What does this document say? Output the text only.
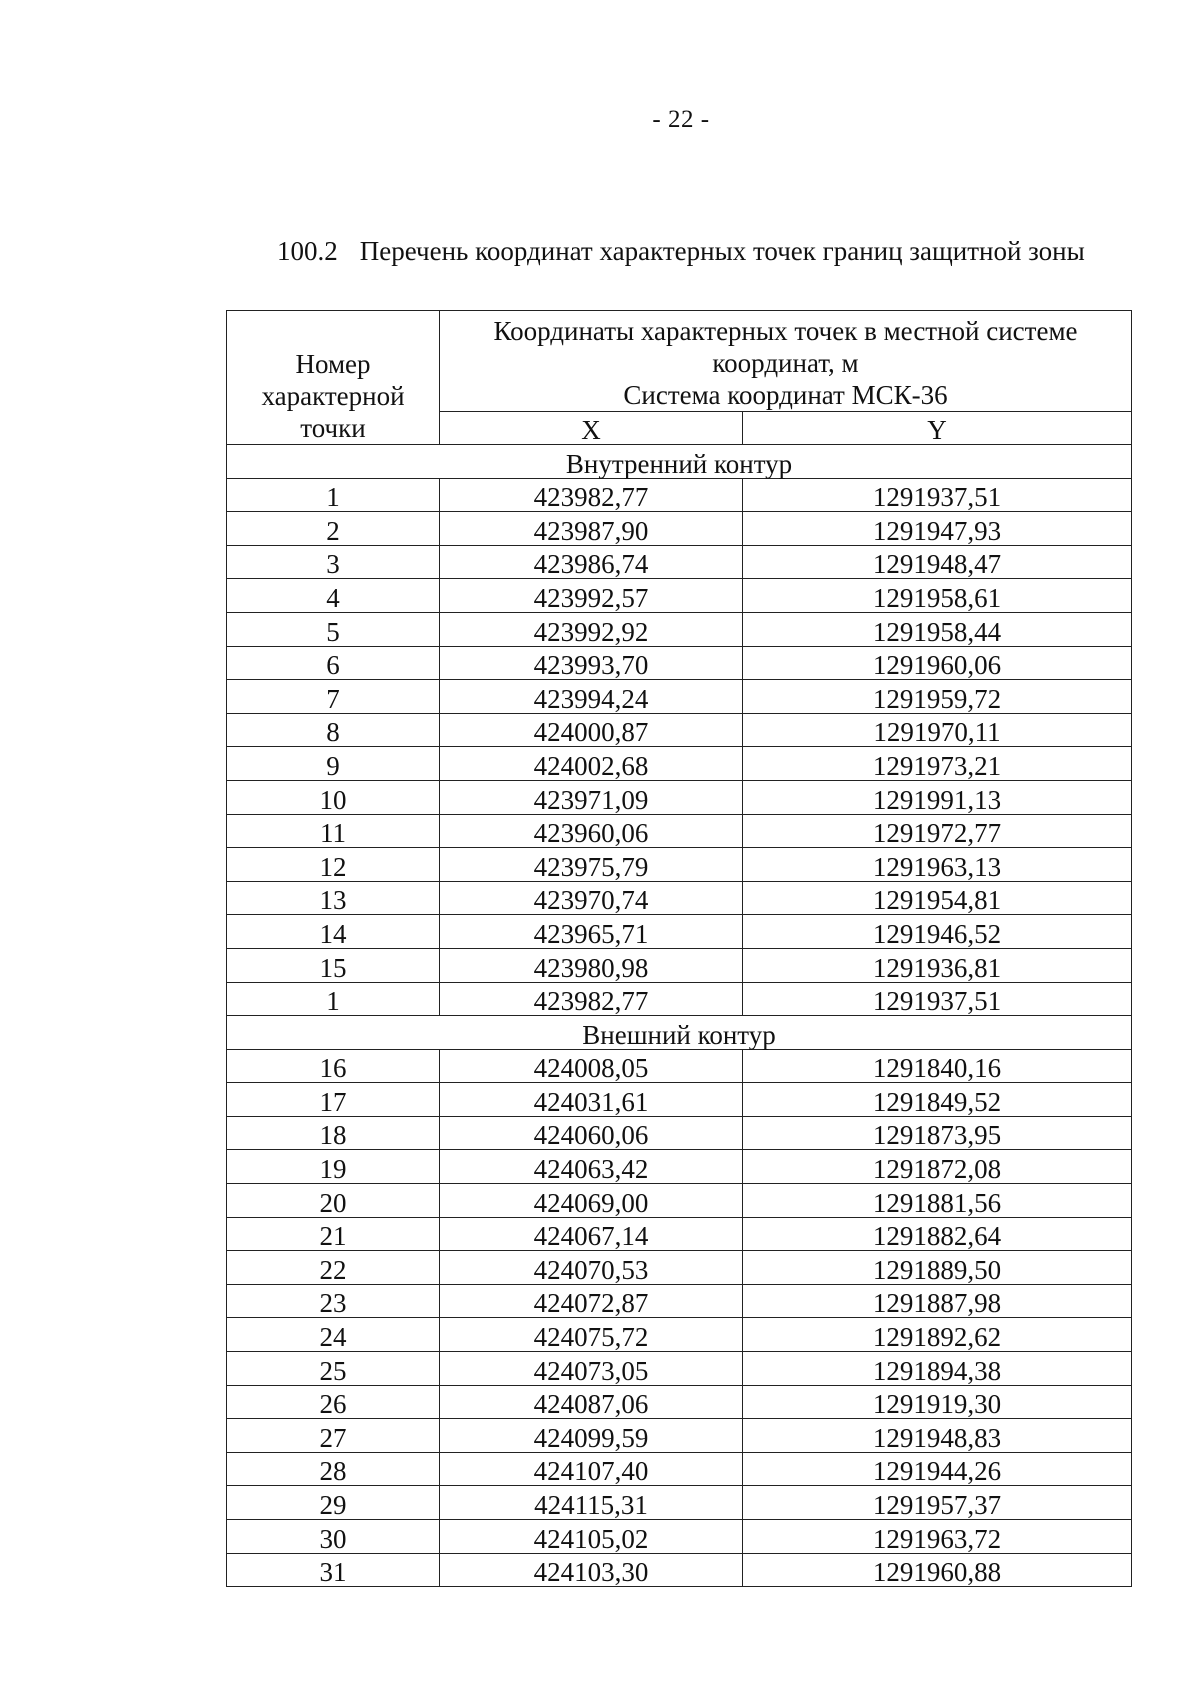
- 22 -
100.2 Перечень координат характерных точек границ защитной зоны
Номер
характерной
точки	Координаты характерных точек в местной системе
координат, м
Система координат МСК-36	
	X	Y
Внутренний контур		
1	423982,77	1291937,51
2	423987,90	1291947,93
3	423986,74	1291948,47
4	423992,57	1291958,61
5	423992,92	1291958,44
6	423993,70	1291960,06
7	423994,24	1291959,72
8	424000,87	1291970,11
9	424002,68	1291973,21
10	423971,09	1291991,13
11	423960,06	1291972,77
12	423975,79	1291963,13
13	423970,74	1291954,81
14	423965,71	1291946,52
15	423980,98	1291936,81
1	423982,77	1291937,51
Внешний контур		
16	424008,05	1291840,16
17	424031,61	1291849,52
18	424060,06	1291873,95
19	424063,42	1291872,08
20	424069,00	1291881,56
21	424067,14	1291882,64
22	424070,53	1291889,50
23	424072,87	1291887,98
24	424075,72	1291892,62
25	424073,05	1291894,38
26	424087,06	1291919,30
27	424099,59	1291948,83
28	424107,40	1291944,26
29	424115,31	1291957,37
30	424105,02	1291963,72
31	424103,30	1291960,88
